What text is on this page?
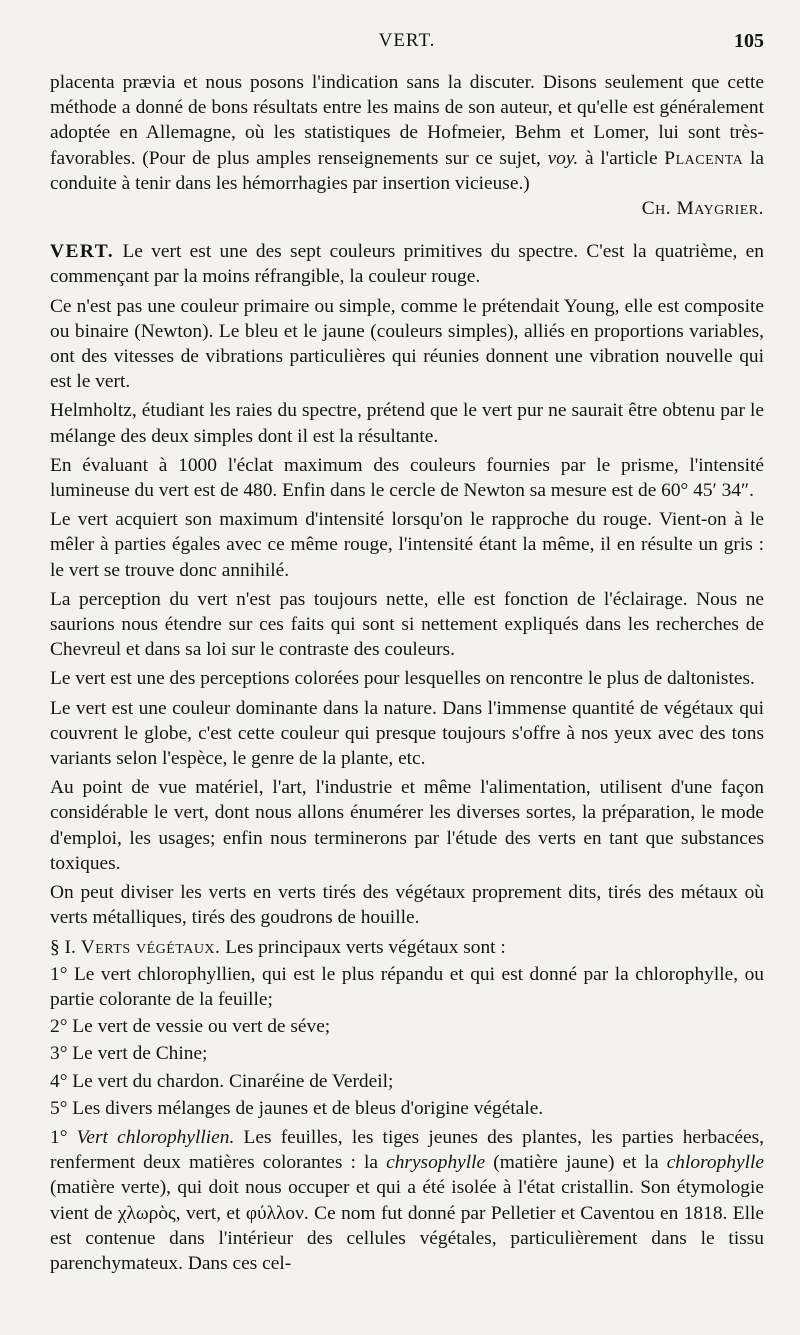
VERT.	105

placenta prævia et nous posons l'indication sans la discuter. Disons seulement que cette méthode a donné de bons résultats entre les mains de son auteur, et qu'elle est généralement adoptée en Allemagne, où les statistiques de Hofmeier, Behm et Lomer, lui sont très-favorables. (Pour de plus amples renseignements sur ce sujet, voy. à l'article Placenta la conduite à tenir dans les hémorrhagies par insertion vicieuse.)

Ch. Maygrier.

VERT. Le vert est une des sept couleurs primitives du spectre. C'est la quatrième, en commençant par la moins réfrangible, la couleur rouge.

Ce n'est pas une couleur primaire ou simple, comme le prétendait Young, elle est composite ou binaire (Newton). Le bleu et le jaune (couleurs simples), alliés en proportions variables, ont des vitesses de vibrations particulières qui réunies donnent une vibration nouvelle qui est le vert.

Helmholtz, étudiant les raies du spectre, prétend que le vert pur ne saurait être obtenu par le mélange des deux simples dont il est la résultante.

En évaluant à 1000 l'éclat maximum des couleurs fournies par le prisme, l'intensité lumineuse du vert est de 480. Enfin dans le cercle de Newton sa mesure est de 60° 45′ 34″.

Le vert acquiert son maximum d'intensité lorsqu'on le rapproche du rouge. Vient-on à le mêler à parties égales avec ce même rouge, l'intensité étant la même, il en résulte un gris : le vert se trouve donc annihilé.

La perception du vert n'est pas toujours nette, elle est fonction de l'éclairage. Nous ne saurions nous étendre sur ces faits qui sont si nettement expliqués dans les recherches de Chevreul et dans sa loi sur le contraste des couleurs.

Le vert est une des perceptions colorées pour lesquelles on rencontre le plus de daltonistes.

Le vert est une couleur dominante dans la nature. Dans l'immense quantité de végétaux qui couvrent le globe, c'est cette couleur qui presque toujours s'offre à nos yeux avec des tons variants selon l'espèce, le genre de la plante, etc.

Au point de vue matériel, l'art, l'industrie et même l'alimentation, utilisent d'une façon considérable le vert, dont nous allons énumérer les diverses sortes, la préparation, le mode d'emploi, les usages; enfin nous terminerons par l'étude des verts en tant que substances toxiques.

On peut diviser les verts en verts tirés des végétaux proprement dits, tirés des métaux où verts métalliques, tirés des goudrons de houille.

§ I. Verts végétaux. Les principaux verts végétaux sont :

1° Le vert chlorophyllien, qui est le plus répandu et qui est donné par la chlorophylle, ou partie colorante de la feuille;

2° Le vert de vessie ou vert de séve;

3° Le vert de Chine;

4° Le vert du chardon. Cinaréine de Verdeil;

5° Les divers mélanges de jaunes et de bleus d'origine végétale.

1° Vert chlorophyllien. Les feuilles, les tiges jeunes des plantes, les parties herbacées, renferment deux matières colorantes : la chrysophylle (matière jaune) et la chlorophylle (matière verte), qui doit nous occuper et qui a été isolée à l'état cristallin. Son étymologie vient de χλωρὸς, vert, et φύλλον. Ce nom fut donné par Pelletier et Caventou en 1818. Elle est contenue dans l'intérieur des cellules végétales, particulièrement dans le tissu parenchymateux. Dans ces cel-
